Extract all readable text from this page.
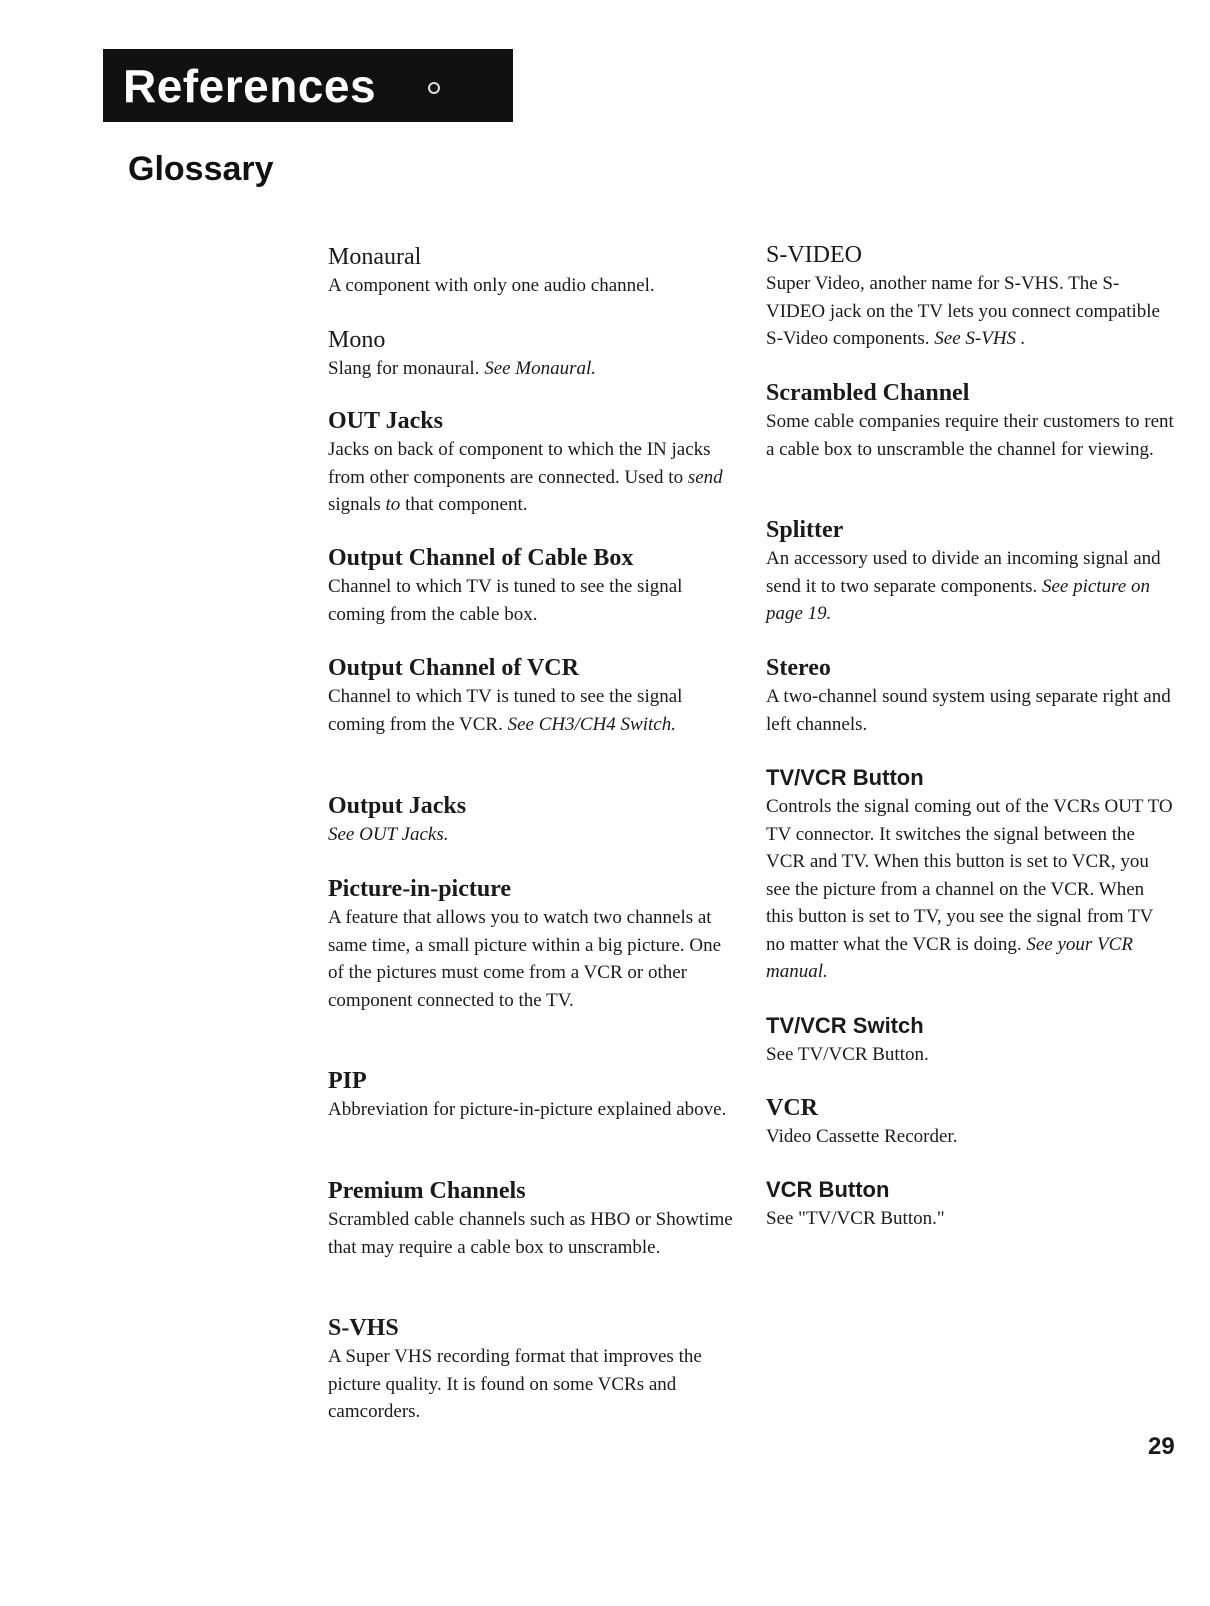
References
Glossary
Monaural

A component with only one audio channel.

Mono

Slang for monaural. See Monaural.

OUT Jacks

Jacks on back of component to which the IN jacks from other components are connected. Used to send signals to that component.

Output Channel of Cable Box

Channel to which TV is tuned to see the signal coming from the cable box.

Output Channel of VCR

Channel to which TV is tuned to see the signal coming from the VCR. See CH3/CH4 Switch.

Output Jacks

See OUT Jacks.

Picture-in-picture

A feature that allows you to watch two channels at same time, a small picture within a big picture. One of the pictures must come from a VCR or other component connected to the TV.

PIP

Abbreviation for picture-in-picture explained above.

Premium Channels

Scrambled cable channels such as HBO or Showtime that may require a cable box to unscramble.

S-VHS

A Super VHS recording format that improves the picture quality. It is found on some VCRs and camcorders.

S-VIDEO

Super Video, another name for S-VHS. The S-VIDEO jack on the TV lets you connect compatible S-Video components. See S-VHS .

Scrambled Channel

Some cable companies require their customers to rent a cable box to unscramble the channel for viewing.

Splitter

An accessory used to divide an incoming signal and send it to two separate components. See picture on page 19.

Stereo

A two-channel sound system using separate right and left channels.

TV/VCR Button

Controls the signal coming out of the VCRs OUT TO TV connector. It switches the signal between the VCR and TV. When this button is set to VCR, you see the picture from a channel on the VCR. When this button is set to TV, you see the signal from TV no matter what the VCR is doing. See your VCR manual.

TV/VCR Switch

See TV/VCR Button.

VCR

Video Cassette Recorder.

VCR Button

See "TV/VCR Button."

29
